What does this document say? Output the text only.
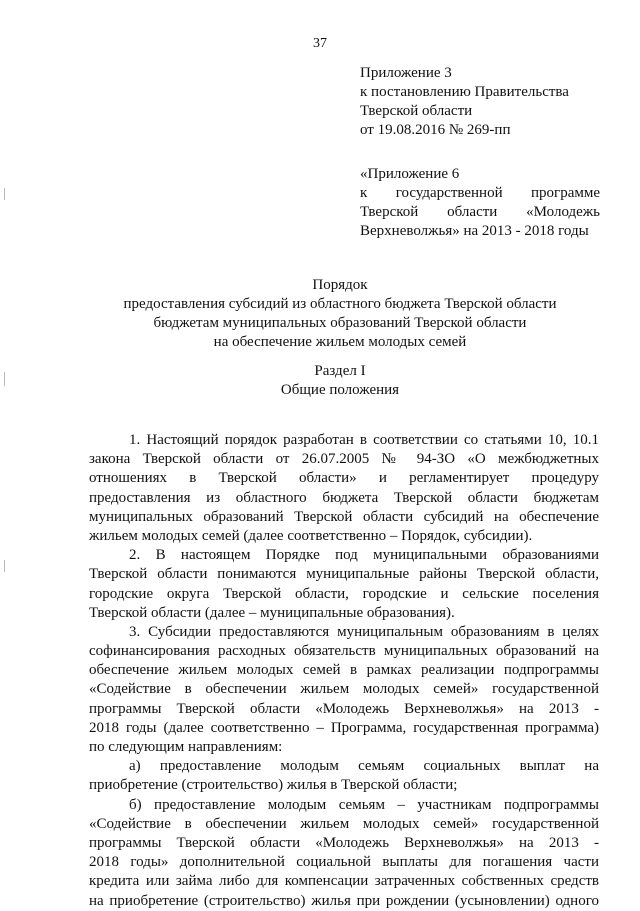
37
Приложение 3
к постановлению Правительства
Тверской области
от 19.08.2016 № 269-пп
«Приложение 6
к государственной программе
Тверской области «Молодежь
Верхневолжья» на 2013 - 2018 годы
Порядок
предоставления субсидий из областного бюджета Тверской области
бюджетам муниципальных образований Тверской области
на обеспечение жильем молодых семей
Раздел I
Общие положения
1. Настоящий порядок разработан в соответствии со статьями 10, 10.1
закона Тверской области от 26.07.2005 № 94-ЗО «О межбюджетных
отношениях в Тверской области» и регламентирует процедуру
предоставления из областного бюджета Тверской области бюджетам
муниципальных образований Тверской области субсидий на обеспечение
жильем молодых семей (далее соответственно – Порядок, субсидии).
2. В настоящем Порядке под муниципальными образованиями
Тверской области понимаются муниципальные районы Тверской области,
городские округа Тверской области, городские и сельские поселения
Тверской области (далее – муниципальные образования).
3. Субсидии предоставляются муниципальным образованиям в целях
софинансирования расходных обязательств муниципальных образований на
обеспечение жильем молодых семей в рамках реализации подпрограммы
«Содействие в обеспечении жильем молодых семей» государственной
программы Тверской области «Молодежь Верхневолжья» на 2013 -
2018 годы (далее соответственно – Программа, государственная программа)
по следующим направлениям:
а) предоставление молодым семьям социальных выплат на
приобретение (строительство) жилья в Тверской области;
б) предоставление молодым семьям – участникам подпрограммы
«Содействие в обеспечении жильем молодых семей» государственной
программы Тверской области «Молодежь Верхневолжья» на 2013 -
2018 годы» дополнительной социальной выплаты для погашения части
кредита или займа либо для компенсации затраченных собственных средств
на приобретение (строительство) жилья при рождении (усыновлении) одного
